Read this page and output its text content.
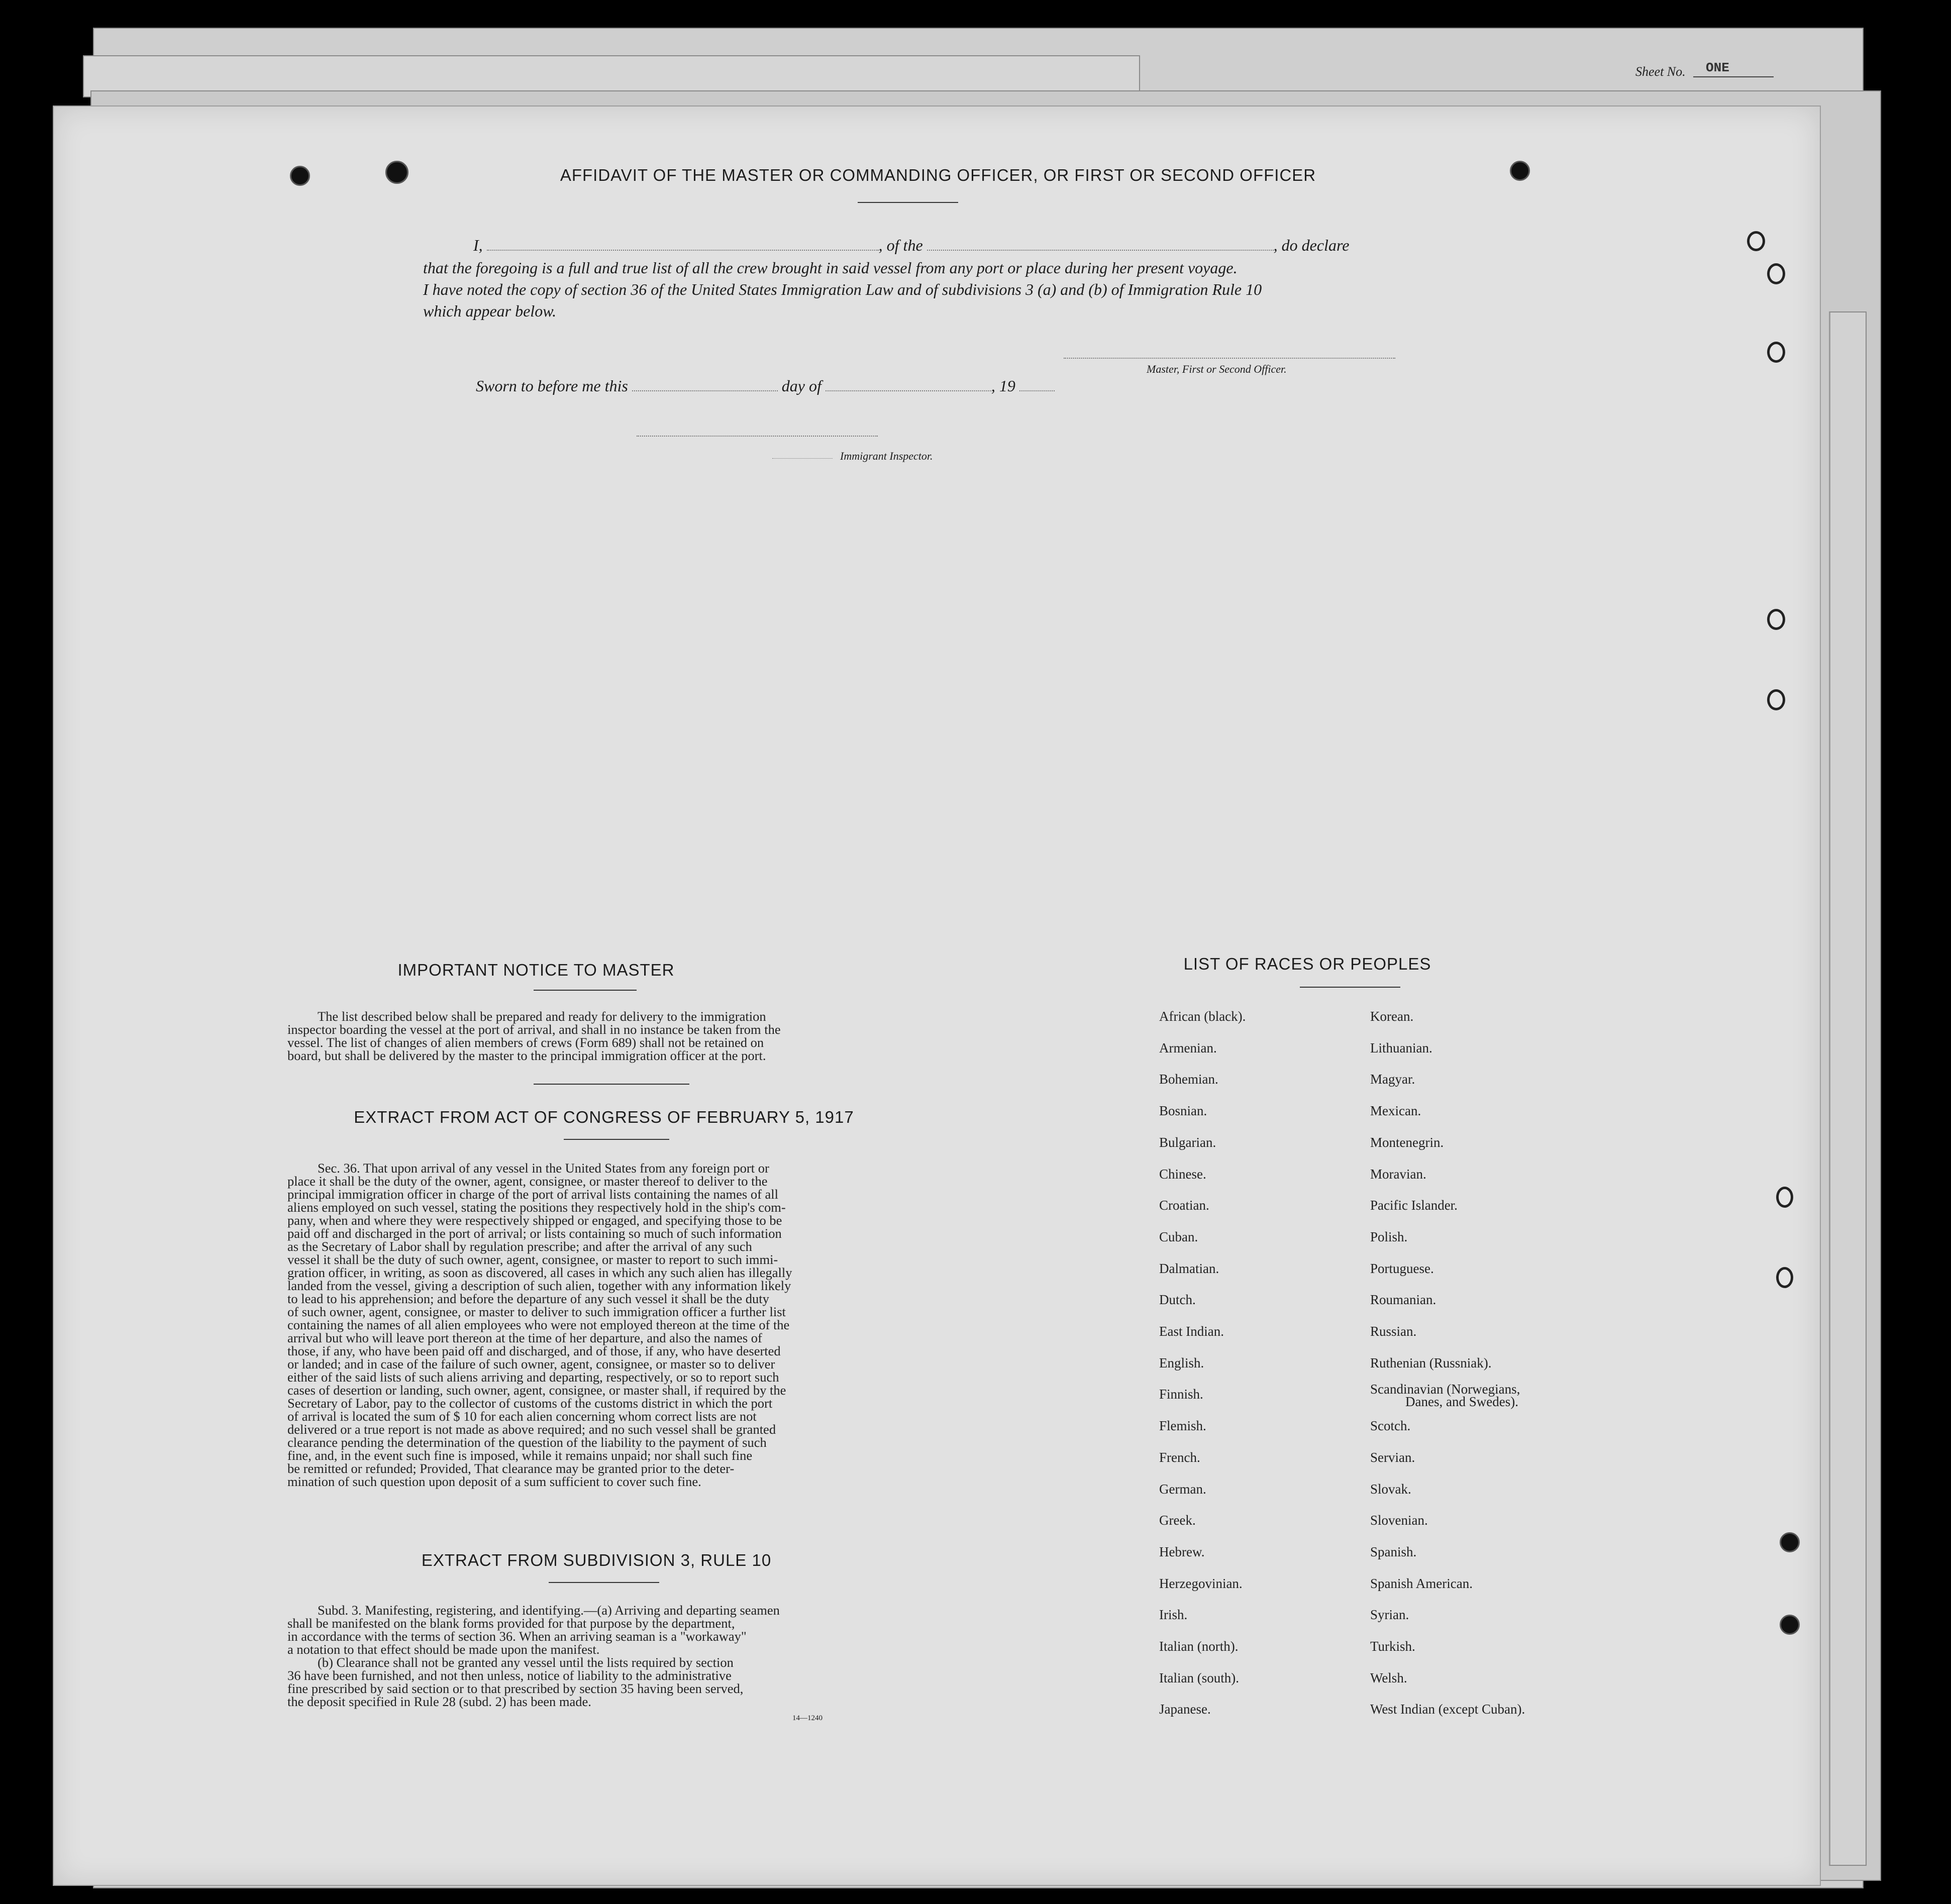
Sheet No. ONE
AFFIDAVIT OF THE MASTER OR COMMANDING OFFICER, OR FIRST OR SECOND OFFICER
I,	, of the	, do declare
that the foregoing is a full and true list of all the crew brought in said vessel from any port or place during her present voyage.
I have noted the copy of section 36 of the United States Immigration Law and of subdivisions 3 (a) and (b) of Immigration Rule 10
which appear below.
Master, First or Second Officer.
Sworn to before me this	day of	, 19
Immigrant Inspector.
IMPORTANT NOTICE TO MASTER
The list described below shall be prepared and ready for delivery to the immigration
inspector boarding the vessel at the port of arrival, and shall in no instance be taken from the
vessel. The list of changes of alien members of crews (Form 689) shall not be retained on
board, but shall be delivered by the master to the principal immigration officer at the port.
EXTRACT FROM ACT OF CONGRESS OF FEBRUARY 5, 1917
Sec. 36. That upon arrival of any vessel in the United States from any foreign port or
place it shall be the duty of the owner, agent, consignee, or master thereof to deliver to the
principal immigration officer in charge of the port of arrival lists containing the names of all
aliens employed on such vessel, stating the positions they respectively hold in the ship's com-
pany, when and where they were respectively shipped or engaged, and specifying those to be
paid off and discharged in the port of arrival; or lists containing so much of such information
as the Secretary of Labor shall by regulation prescribe; and after the arrival of any such
vessel it shall be the duty of such owner, agent, consignee, or master to report to such immi-
gration officer, in writing, as soon as discovered, all cases in which any such alien has illegally
landed from the vessel, giving a description of such alien, together with any information likely
to lead to his apprehension; and before the departure of any such vessel it shall be the duty
of such owner, agent, consignee, or master to deliver to such immigration officer a further list
containing the names of all alien employees who were not employed thereon at the time of the
arrival but who will leave port thereon at the time of her departure, and also the names of
those, if any, who have been paid off and discharged, and of those, if any, who have deserted
or landed; and in case of the failure of such owner, agent, consignee, or master so to deliver
either of the said lists of such aliens arriving and departing, respectively, or so to report such
cases of desertion or landing, such owner, agent, consignee, or master shall, if required by the
Secretary of Labor, pay to the collector of customs of the customs district in which the port
of arrival is located the sum of $ 10 for each alien concerning whom correct lists are not
delivered or a true report is not made as above required; and no such vessel shall be granted
clearance pending the determination of the question of the liability to the payment of such
fine, and, in the event such fine is imposed, while it remains unpaid; nor shall such fine
be remitted or refunded; Provided, That clearance may be granted prior to the deter-
mination of such question upon deposit of a sum sufficient to cover such fine.
EXTRACT FROM SUBDIVISION 3, RULE 10
Subd. 3. Manifesting, registering, and identifying.—(a) Arriving and departing seamen
shall be manifested on the blank forms provided for that purpose by the department,
in accordance with the terms of section 36. When an arriving seaman is a "workaway"
a notation to that effect should be made upon the manifest.
(b) Clearance shall not be granted any vessel until the lists required by section
36 have been furnished, and not then unless, notice of liability to the administrative
fine prescribed by said section or to that prescribed by section 35 having been served,
the deposit specified in Rule 28 (subd. 2) has been made.
14—1240
LIST OF RACES OR PEOPLES
African (black).
Armenian.
Bohemian.
Bosnian.
Bulgarian.
Chinese.
Croatian.
Cuban.
Dalmatian.
Dutch.
East Indian.
English.
Finnish.
Flemish.
French.
German.
Greek.
Hebrew.
Herzegovinian.
Irish.
Italian (north).
Italian (south).
Japanese.
Korean.
Lithuanian.
Magyar.
Mexican.
Montenegrin.
Moravian.
Pacific Islander.
Polish.
Portuguese.
Roumanian.
Russian.
Ruthenian (Russniak).
Scandinavian (Norwegians,
Scotch.
Servian.
Slovak.
Slovenian.
Spanish.
Spanish American.
Syrian.
Turkish.
Welsh.
West Indian (except Cuban).
Danes, and Swedes).
